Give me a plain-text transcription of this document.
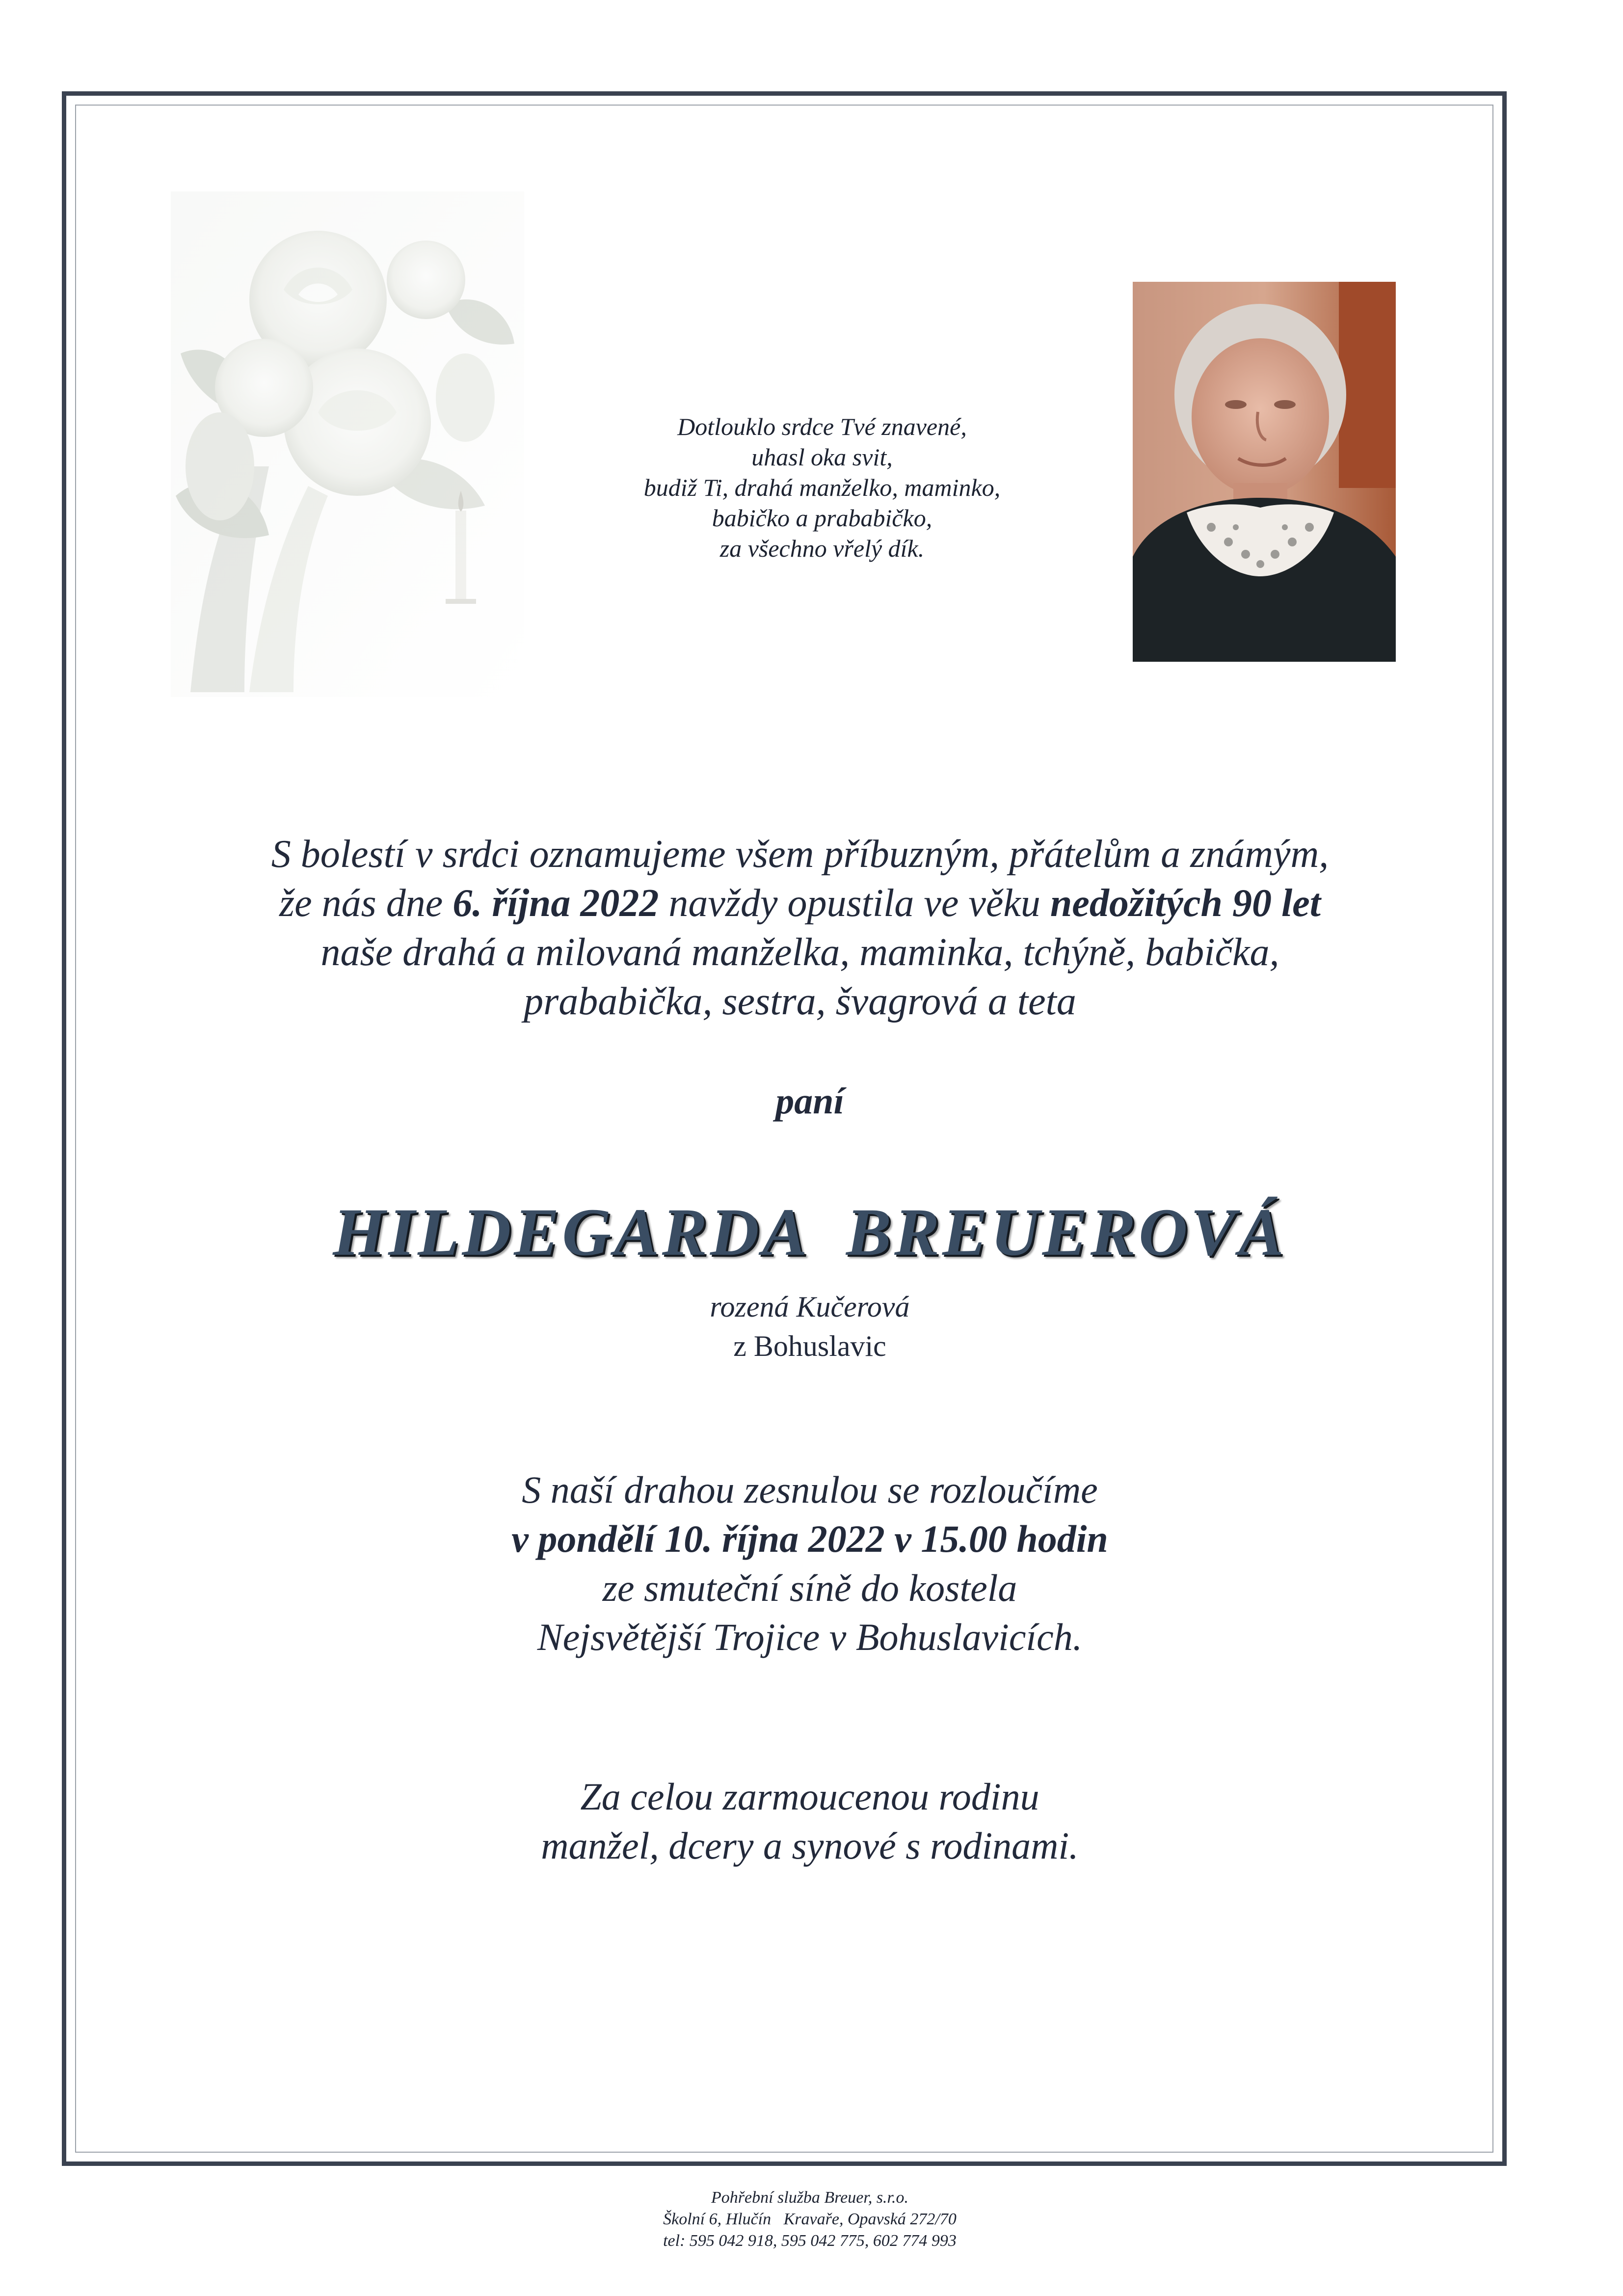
Dotlouklo srdce Tvé znavené,
uhasl oka svit,
budiž Ti, drahá manželko, maminko,
babičko a prababičko,
za všechno vřelý dík.
S bolestí v srdci oznamujeme všem příbuzným, přátelům a známým,
že nás dne 6. října 2022 navždy opustila ve věku nedožitých 90 let
naše drahá a milovaná manželka, maminka, tchýně, babička,
prababička, sestra, švagrová a teta
paní
HILDEGARDA  BREUEROVÁ
rozená Kučerová
z Bohuslavic
S naší drahou zesnulou se rozloučíme
v pondělí 10. října 2022 v 15.00 hodin
ze smuteční síně do kostela
Nejsvětější Trojice v Bohuslavicích.
Za celou zarmoucenou rodinu
manžel, dcery a synové s rodinami.
Pohřební služba Breuer, s.r.o.
Školní 6, Hlučín   Kravaře, Opavská 272/70
tel: 595 042 918, 595 042 775, 602 774 993
